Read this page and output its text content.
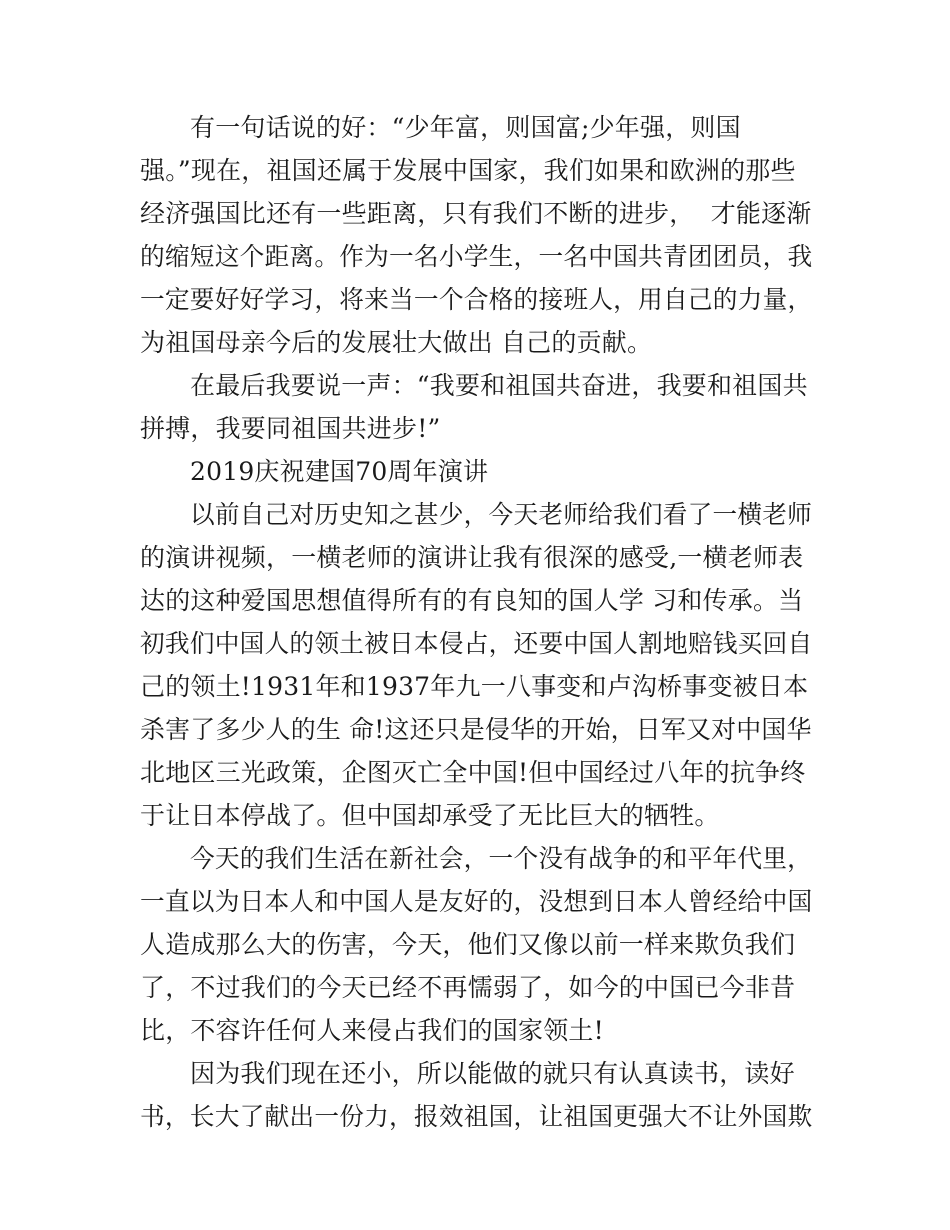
有一句话说的好：“少年富，则国富;少年强，则国
强。”现在，祖国还属于发展中国家，我们如果和欧洲的那些
经济强国比还有一些距离，只有我们不断的进步，  才能逐渐
的缩短这个距离。作为一名小学生，一名中国共青团团员，我
一定要好好学习，将来当一个合格的接班人，用自己的力量，
为祖国母亲今后的发展壮大做出 自己的贡献。
在最后我要说一声：“我要和祖国共奋进，我要和祖国共
拼搏，我要同祖国共进步!”
2019庆祝建国70周年演讲
以前自己对历史知之甚少，今天老师给我们看了一横老师
的演讲视频，一横老师的演讲让我有很深的感受,一横老师表
达的这种爱国思想值得所有的有良知的国人学 习和传承。当
初我们中国人的领土被日本侵占，还要中国人割地赔钱买回自
己的领土!1931年和1937年九一八事变和卢沟桥事变被日本
杀害了多少人的生 命!这还只是侵华的开始，日军又对中国华
北地区三光政策，企图灭亡全中国!但中国经过八年的抗争终
于让日本停战了。但中国却承受了无比巨大的牺牲。
今天的我们生活在新社会，一个没有战争的和平年代里，
一直以为日本人和中国人是友好的，没想到日本人曾经给中国
人造成那么大的伤害，今天，他们又像以前一样来欺负我们
了，不过我们的今天已经不再懦弱了，如今的中国已今非昔
比，不容许任何人来侵占我们的国家领土!
因为我们现在还小，所以能做的就只有认真读书，读好
书，长大了献出一份力，报效祖国，让祖国更强大不让外国欺
